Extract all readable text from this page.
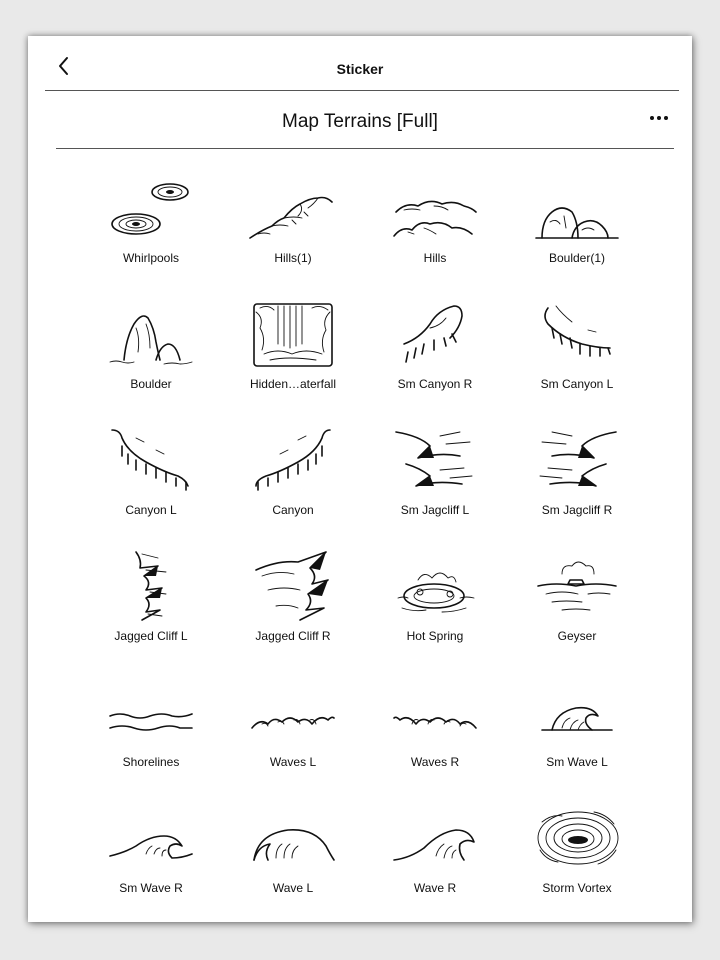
Sticker
Map Terrains [Full]
Whirlpools	Hills(1)	Hills	Boulder(1)
Boulder	Hidden…aterfall	Sm Canyon R	Sm Canyon L
Canyon L	Canyon	Sm Jagcliff L	Sm Jagcliff R
Jagged Cliff L	Jagged Cliff R	Hot Spring	Geyser
Shorelines	Waves L	Waves R	Sm Wave L
Sm Wave R	Wave L	Wave R	Storm Vortex
